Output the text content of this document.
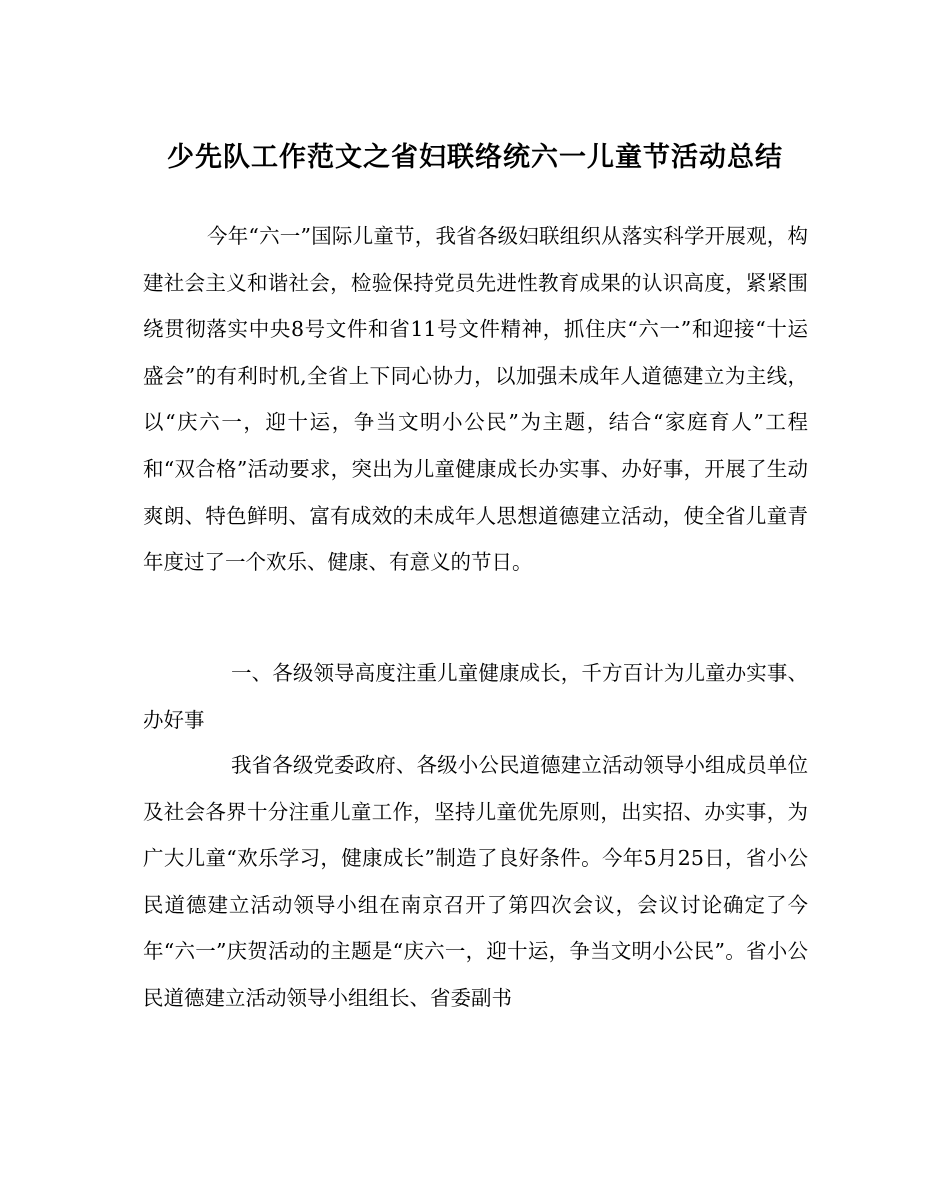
少先队工作范文之省妇联络统六一儿童节活动总结

今年“六一”国际儿童节，我省各级妇联组织从落实科学开展观，构建社会主义和谐社会，检验保持党员先进性教育成果的认识高度，紧紧围绕贯彻落实中央8号文件和省11号文件精神，抓住庆“六一”和迎接“十运盛会”的有利时机,全省上下同心协力，以加强未成年人道德建立为主线，以“庆六一，迎十运，争当文明小公民”为主题，结合“家庭育人”工程和“双合格”活动要求，突出为儿童健康成长办实事、办好事，开展了生动爽朗、特色鲜明、富有成效的未成年人思想道德建立活动，使全省儿童青年度过了一个欢乐、健康、有意义的节日。

一、各级领导高度注重儿童健康成长，千方百计为儿童办实事、办好事

我省各级党委政府、各级小公民道德建立活动领导小组成员单位及社会各界十分注重儿童工作，坚持儿童优先原则，出实招、办实事，为广大儿童“欢乐学习，健康成长”制造了良好条件。今年5月25日，省小公民道德建立活动领导小组在南京召开了第四次会议，会议讨论确定了今年“六一”庆贺活动的主题是“庆六一，迎十运，争当文明小公民”。省小公民道德建立活动领导小组组长、省委副书
